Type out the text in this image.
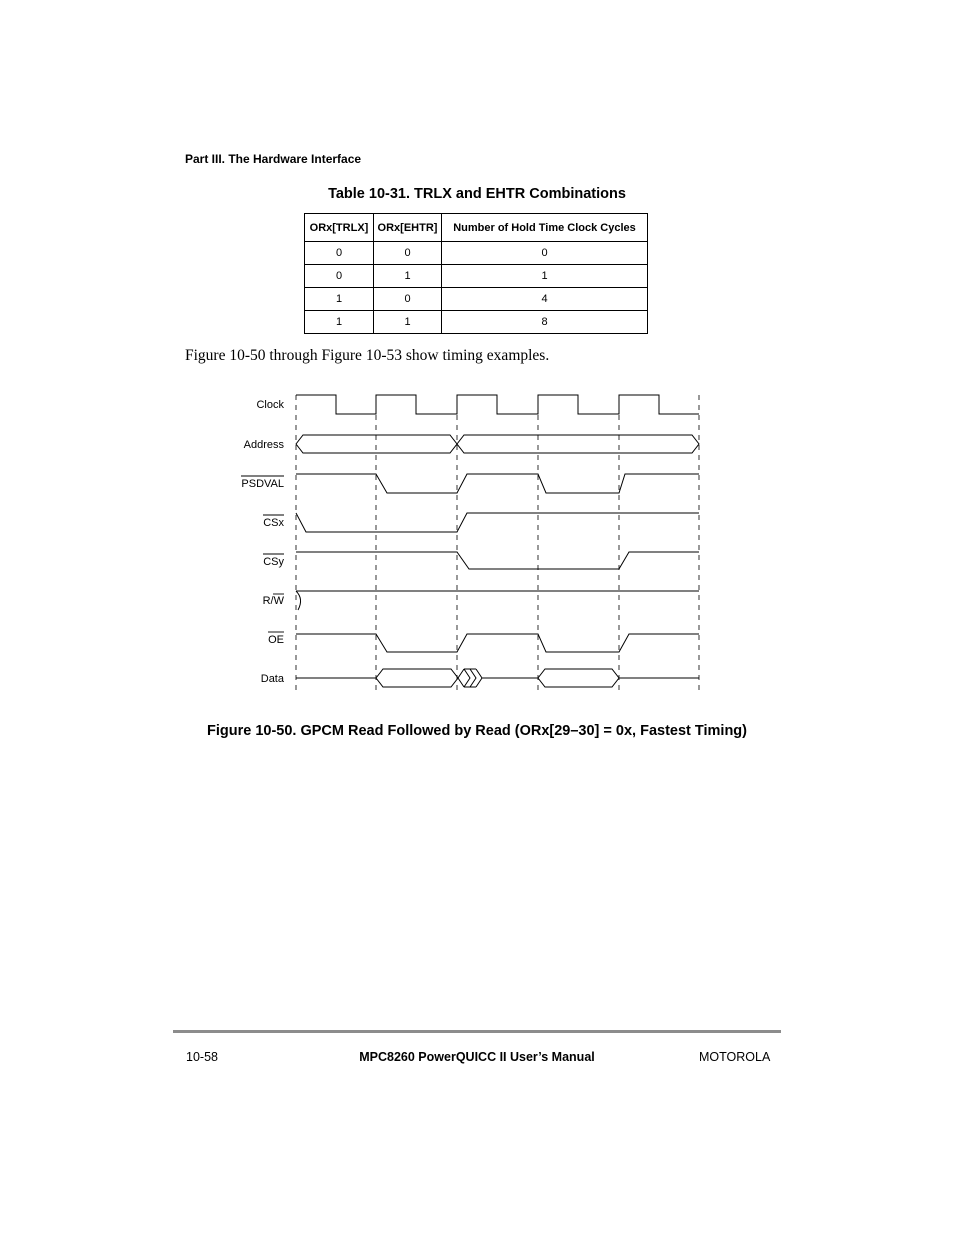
Part III. The Hardware Interface
Table 10-31. TRLX and EHTR Combinations
ORx[TRLX]	ORx[EHTR]	Number of Hold Time Clock Cycles
0	0	0
0	1	1
1	0	4
1	1	8
Figure 10-50 through Figure 10-53 show timing examples.
Clock
Address
PSDVAL
CSx
CSy
R/W
OE
Data
Figure 10-50. GPCM Read Followed by Read (ORx[29–30] = 0x, Fastest Timing)
10-58	MPC8260 PowerQUICC II User’s Manual	MOTOROLA
